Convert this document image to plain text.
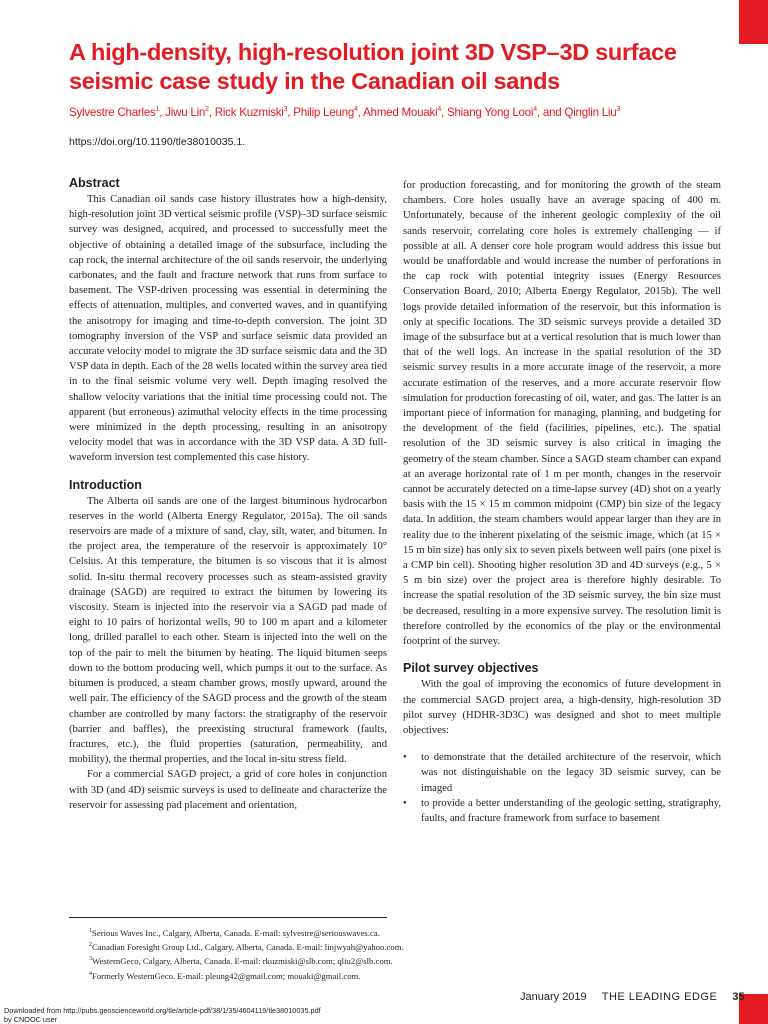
A high-density, high-resolution joint 3D VSP–3D surface seismic case study in the Canadian oil sands
Sylvestre Charles$^1$, Jiwu Lin$^2$, Rick Kuzmiski$^3$, Philip Leung$^4$, Ahmed Mouaki$^4$, Shiang Yong Looi$^4$, and Qinglin Liu$^3$
https://doi.org/10.1190/tle38010035.1.
Abstract

This Canadian oil sands case history illustrates how a high-density, high-resolution joint 3D vertical seismic profile (VSP)–3D surface seismic survey was designed, acquired, and processed to successfully meet the objective of obtaining a detailed image of the subsurface, including the cap rock, the internal architecture of the oil sands reservoir, the underlying carbonates, and the fault and fracture network that runs from surface to basement. The VSP-driven processing was essential in determining the effects of attenuation, multiples, and converted waves, and in quantifying the anisotropy for imaging and time-to-depth conversion. The joint 3D tomography inversion of the VSP and surface seismic data provided an accurate velocity model to migrate the 3D surface seismic data and the 3D VSP data in depth. Each of the 28 wells located within the survey area tied in to the final seismic volume very well. Depth imaging resolved the shallow velocity variations that the initial time processing could not. The apparent (but erroneous) azimuthal velocity effects in the time processing were minimized in the depth processing, resulting in an anisotropy velocity model that was in accordance with the 3D VSP data. A 3D full-waveform inversion test complemented this case history.

Introduction

The Alberta oil sands are one of the largest bituminous hydrocarbon reserves in the world (Alberta Energy Regulator, 2015a). The oil sands reservoirs are made of a mixture of sand, clay, silt, water, and bitumen. In the project area, the temperature of the reservoir is approximately 10° Celsius. At this temperature, the bitumen is so viscous that it is almost solid. In-situ thermal recovery processes such as steam-assisted gravity drainage (SAGD) are required to extract the bitumen by lowering its viscosity. Steam is injected into the reservoir via a SAGD pad made of eight to 10 pairs of horizontal wells, 90 to 100 m apart and a kilometer long, drilled parallel to each other. Steam is injected into the well on the top of the pair to melt the bitumen by heating. The liquid bitumen seeps down to the bottom producing well, which pumps it out to the surface. As bitumen is produced, a steam chamber grows, mostly upward, around the well pair. The efficiency of the SAGD process and the growth of the steam chamber are controlled by many factors: the stratigraphy of the reservoir (barrier and baffles), the preexisting structural framework (faults, fractures, etc.), the fluid properties (saturation, permeability, and mobility), the thermal properties, and the local in-situ stress field.

For a commercial SAGD project, a grid of core holes in conjunction with 3D (and 4D) seismic surveys is used to delineate and characterize the reservoir for assessing pad placement and orientation,

for production forecasting, and for monitoring the growth of the steam chambers. Core holes usually have an average spacing of 400 m. Unfortunately, because of the inherent geologic complexity of the oil sands reservoir, correlating core holes is extremely challenging — if possible at all. A denser core hole program would address this issue but would be unaffordable and would increase the number of perforations in the cap rock with potential integrity issues (Energy Resources Conservation Board, 2010; Alberta Energy Regulator, 2015b). The well logs provide detailed information of the reservoir, but this information is only at specific locations. The 3D seismic surveys provide a detailed 3D image of the subsurface but at a vertical resolution that is much lower than that of the well logs. An increase in the spatial resolution of the 3D seismic survey results in a more accurate image of the reservoir, a more accurate estimation of the reserves, and a more accurate reservoir flow simulation for production forecasting of oil, water, and gas. The latter is an important piece of information for managing, planning, and budgeting for the development of the field (facilities, pipelines, etc.). The spatial resolution of the 3D seismic survey is also critical in imaging the geometry of the steam chamber. Since a SAGD steam chamber can expand at an average horizontal rate of 1 m per month, changes in the reservoir cannot be accurately detected on a time-lapse survey (4D) shot on a yearly basis with the 15 × 15 m common midpoint (CMP) bin size of the legacy data. In addition, the steam chambers would appear larger than they are in reality due to the inherent pixelating of the seismic image, which (at 15 × 15 m bin size) has only six to seven pixels between well pairs (one pixel is a CMP bin cell). Shooting higher resolution 3D and 4D surveys (e.g., 5 × 5 m bin size) over the project area is therefore highly desirable. To increase the spatial resolution of the 3D seismic survey, the bin size must be decreased, resulting in a more expensive survey. The resolution limit is therefore controlled by the economics of the play or the environmental footprint of the survey.

Pilot survey objectives

With the goal of improving the economics of future development in the commercial SAGD project area, a high-density, high-resolution 3D pilot survey (HDHR-3D3C) was designed and shot to meet multiple objectives:

• to demonstrate that the detailed architecture of the reservoir, which was not distinguishable on the legacy 3D seismic survey, can be imaged
• to provide a better understanding of the geologic setting, stratigraphy, faults, and fracture framework from surface to basement
$^1$Serious Waves Inc., Calgary, Alberta, Canada. E-mail: sylvestre@seriouswaves.ca.
$^2$Canadian Foresight Group Ltd., Calgary, Alberta, Canada. E-mail: linjwyah@yahoo.com.
$^3$WesternGeco, Calgary, Alberta, Canada. E-mail: rkuzmiski@slb.com; qliu2@slb.com.
$^4$Formerly WesternGeco. E-mail: pleung42@gmail.com; mouaki@gmail.com.
January 2019 THE LEADING EDGE 35
Downloaded from http://pubs.geoscienceworld.org/tle/article-pdf/38/1/35/4604119/tle38010035.pdf
by CNOOC user
